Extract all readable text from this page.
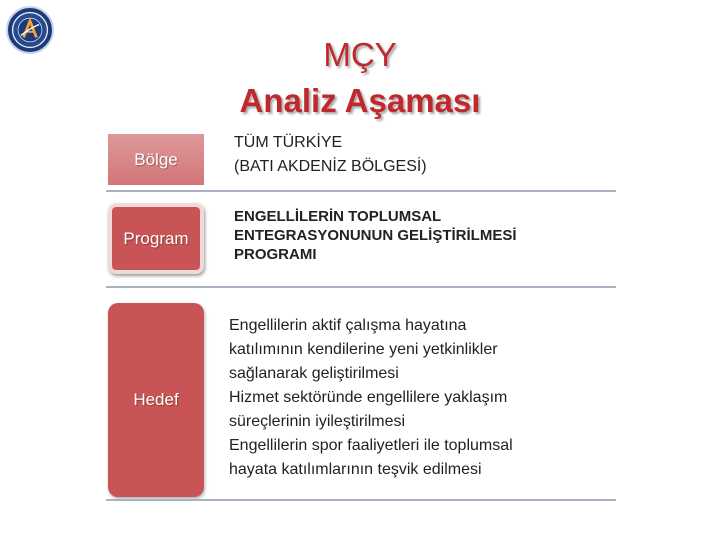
MÇY
Analiz Aşaması
Bölge
TÜM TÜRKİYE
(BATI AKDENİZ BÖLGESİ)
Program
ENGELLİLERİN TOPLUMSAL
ENTEGRASYONUNUN GELİŞTİRİLMESİ
PROGRAMI
Hedef
Engellilerin aktif çalışma hayatına
katılımının kendilerine yeni yetkinlikler
sağlanarak geliştirilmesi
Hizmet sektöründe engellilere yaklaşım
süreçlerinin iyileştirilmesi
Engellilerin spor faaliyetleri ile toplumsal
hayata katılımlarının teşvik edilmesi
